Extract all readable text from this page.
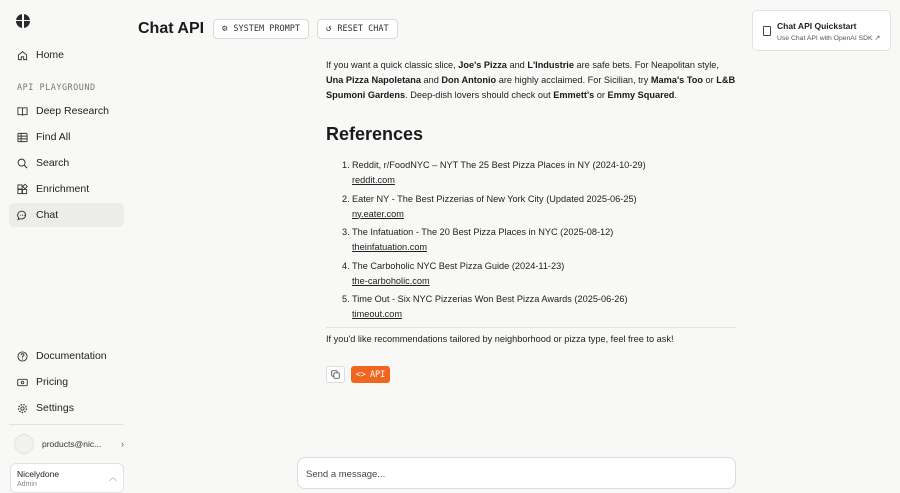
Home
API PLAYGROUND
Deep Research
Find All
Search
Enrichment
Chat
Documentation
Pricing
Settings
products@nic...	›
Nicelydone
Admin
︿
Chat API ⚙ SYSTEM PROMPT	↺ RESET CHAT	Chat API Quickstart
Use Chat API with OpenAI SDK ↗
If you want a quick classic slice, Joe's Pizza and L'Industrie are safe bets. For Neapolitan style, Una Pizza Napoletana and Don Antonio are highly acclaimed. For Sicilian, try Mama's Too or L&B Spumoni Gardens. Deep-dish lovers should check out Emmett's or Emmy Squared.
References
1. Reddit, r/FoodNYC – NYT The 25 Best Pizza Places in NY (2024-10-29)
reddit.com
2. Eater NY - The Best Pizzerias of New York City (Updated 2025-06-25)
ny.eater.com
3. The Infatuation - The 20 Best Pizza Places in NYC (2025-08-12)
theinfatuation.com
4. The Carboholic NYC Best Pizza Guide (2024-11-23)
the-carboholic.com
5. Time Out - Six NYC Pizzerias Won Best Pizza Awards (2025-06-26)
timeout.com
If you'd like recommendations tailored by neighborhood or pizza type, feel free to ask!
<> API
Send a message...
